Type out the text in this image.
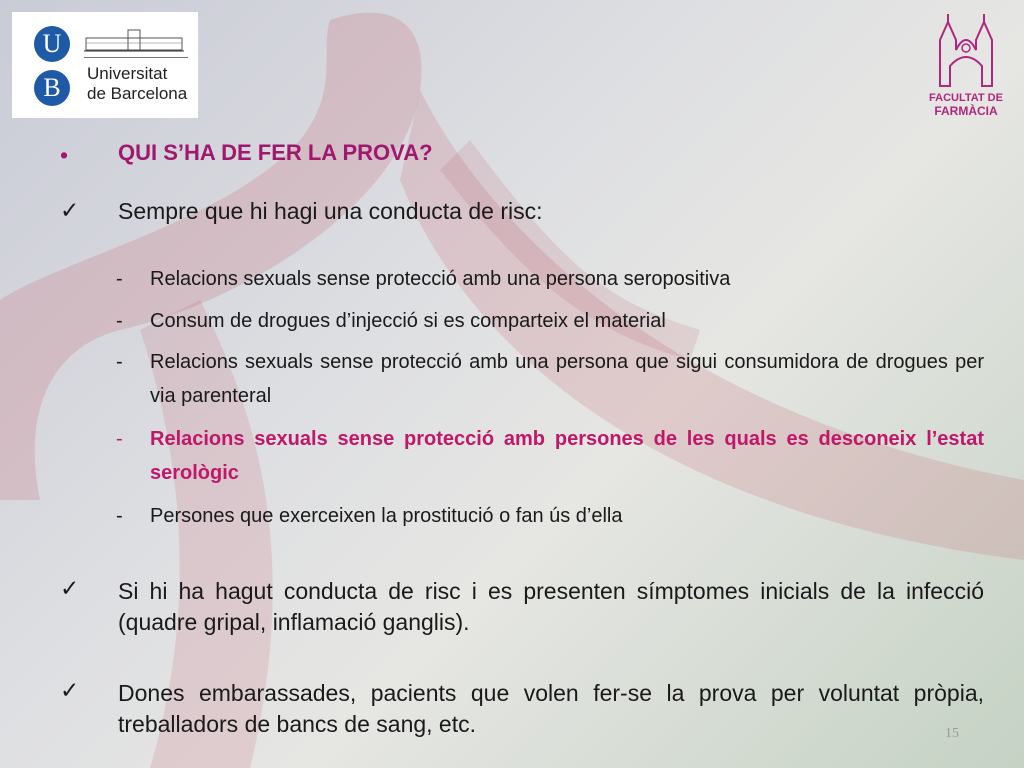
U
B	Universitat
de Barcelona	FACULTAT DE
FARMÀCIA
• QUI S’HA DE FER LA PROVA?
✓ Sempre que hi hagi una conducta de risc:
- Relacions sexuals sense protecció amb una persona seropositiva
- Consum de drogues d’injecció si es comparteix el material
- Relacions sexuals sense protecció amb una persona que sigui consumidora de drogues per via parenteral
- Relacions sexuals sense protecció amb persones de les quals es desconeix l’estat serològic
- Persones que exerceixen la prostitució o fan ús d’ella
✓ Si hi ha hagut conducta de risc i es presenten símptomes inicials de la infecció (quadre gripal, inflamació ganglis).
✓ Dones embarassades, pacients que volen fer-se la prova per voluntat pròpia, treballadors de bancs de sang, etc.	15
